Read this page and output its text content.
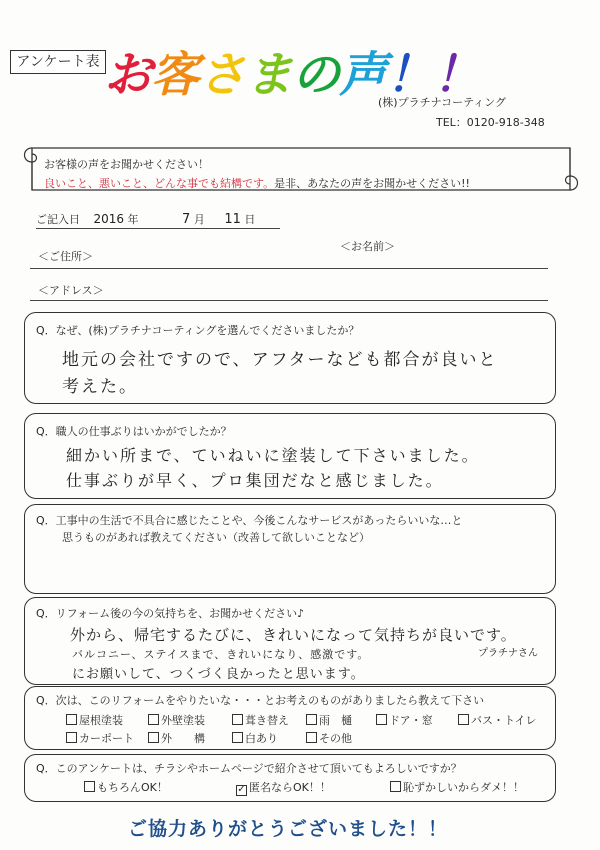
アンケート表 お客さまの声！！
(株)プラチナコーティング
TEL：0120-918-348
お客様の声をお聞かせください！
良いこと、悪いこと、どんな事でも結構です。是非、あなたの声をお聞かせください!!
ご記入日 2016 年	7 月 11 日
＜ご住所＞
＜お名前＞
＜アドレス＞
Q．なぜ、(株)プラチナコーティングを選んでくださいましたか？
地元の会社ですので、アフターなども都合が良いと
考えた。
Q．職人の仕事ぶりはいかがでしたか？
細かい所まで、ていねいに塗装して下さいました。
仕事ぶりが早く、プロ集団だなと感じました。
Q．工事中の生活で不具合に感じたことや、今後こんなサービスがあったらいいな…と
思うものがあれば教えてください（改善して欲しいことなど）
Q．リフォーム後の今の気持ちを、お聞かせください♪
外から、帰宅するたびに、きれいになって気持ちが良いです。
バルコニー、ステイスまで、きれいになり、感激です。	プラチナさん
にお願いして、つくづく良かったと思います。
Q．次は、このリフォームをやりたいな・・・とお考えのものがありましたら教えて下さい
屋根塗装	外壁塗装	葺き替え	雨　樋	ドア・窓	バス・トイレ
カーポート	外　　構	白あり	その他
Q．このアンケートは、チラシやホームページで紹介させて頂いてもよろしいですか？
もちろんOK！	✓ 匿名ならOK！！	恥ずかしいからダメ！！
ご協力ありがとうございました！！
